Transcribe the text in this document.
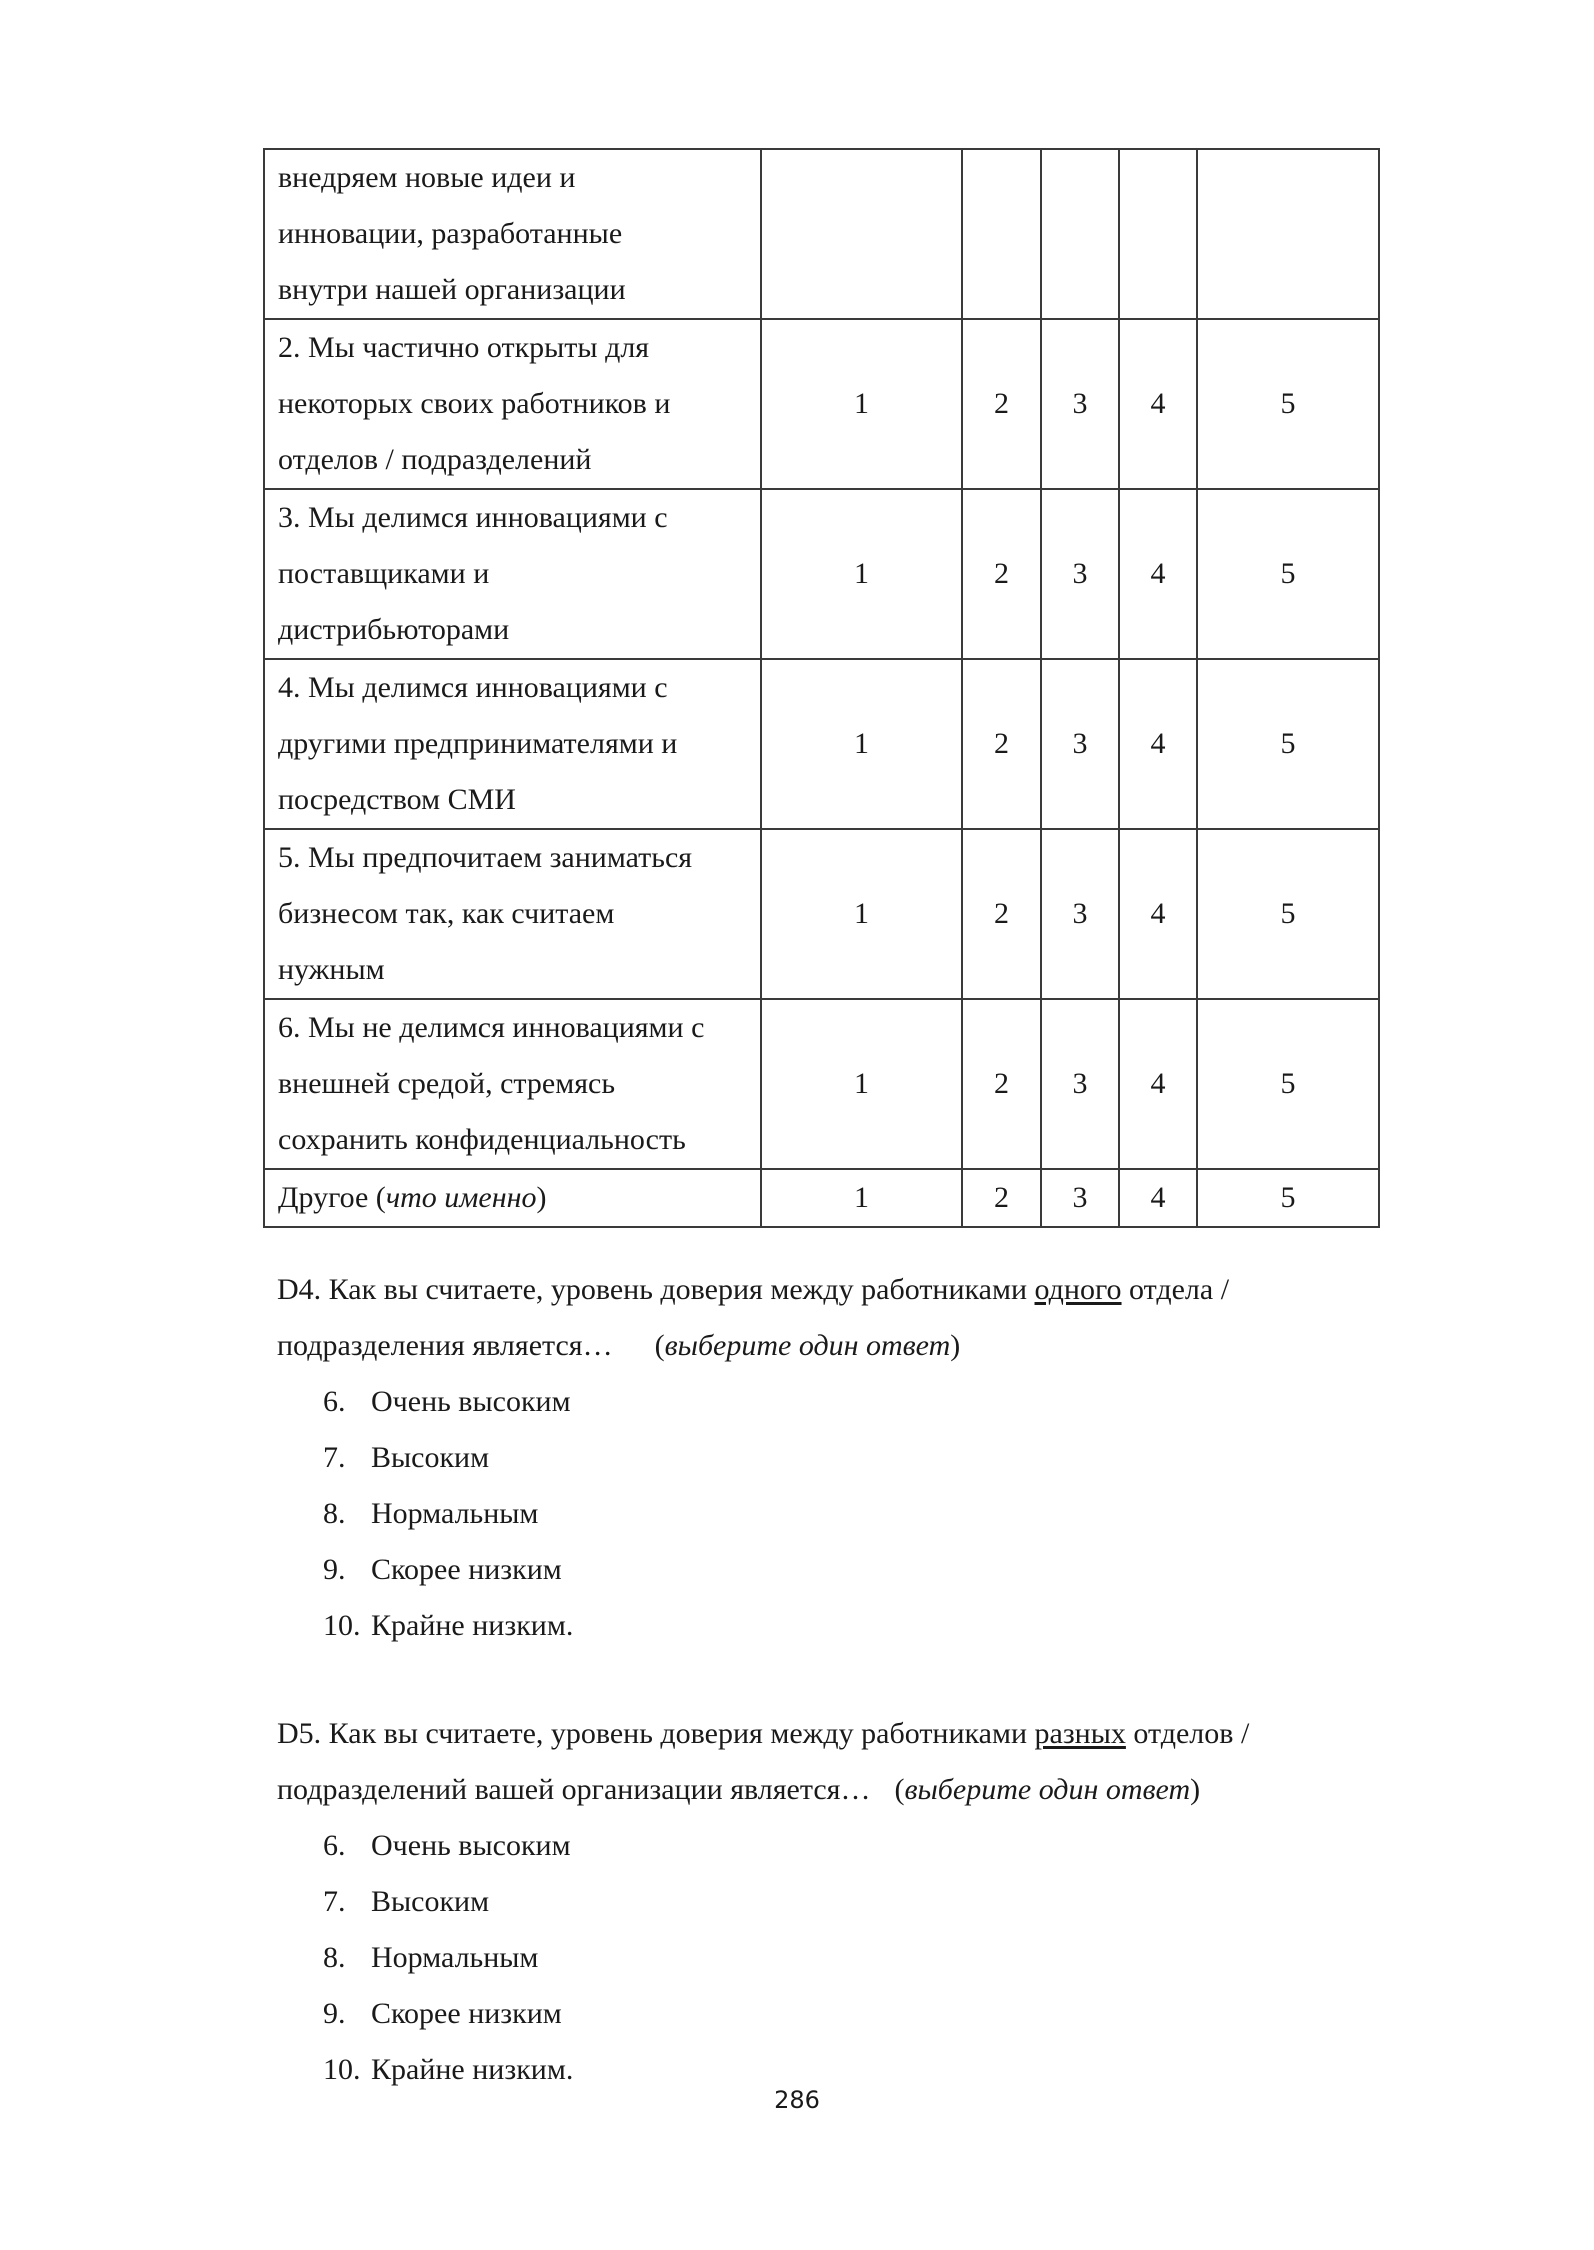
внедряем новые идеи и
инновации, разработанные
внутри нашей организации					

2. Мы частично открыты для
некоторых своих работников и
отделов / подразделений	1	2	3	4	5

3. Мы делимся инновациями с
поставщиками и
дистрибьюторами	1	2	3	4	5

4. Мы делимся инновациями с
другими предпринимателями и
посредством СМИ	1	2	3	4	5

5. Мы предпочитаем заниматься
бизнесом так, как считаем
нужным	1	2	3	4	5

6. Мы не делимся инновациями с
внешней средой, стремясь
сохранить конфиденциальность	1	2	3	4	5
Другое (что именно)	1	2	3	4	5
D4. Как вы считаете, уровень доверия между работниками одного отдела /
подразделения является… (выберите один ответ)
6. Очень высоким
7. Высоким
8. Нормальным
9. Скорее низким
10. Крайне низким.
D5. Как вы считаете, уровень доверия между работниками разных отделов /
подразделений вашей организации является… (выберите один ответ)
6. Очень высоким
7. Высоким
8. Нормальным
9. Скорее низким
10. Крайне низким.
286
